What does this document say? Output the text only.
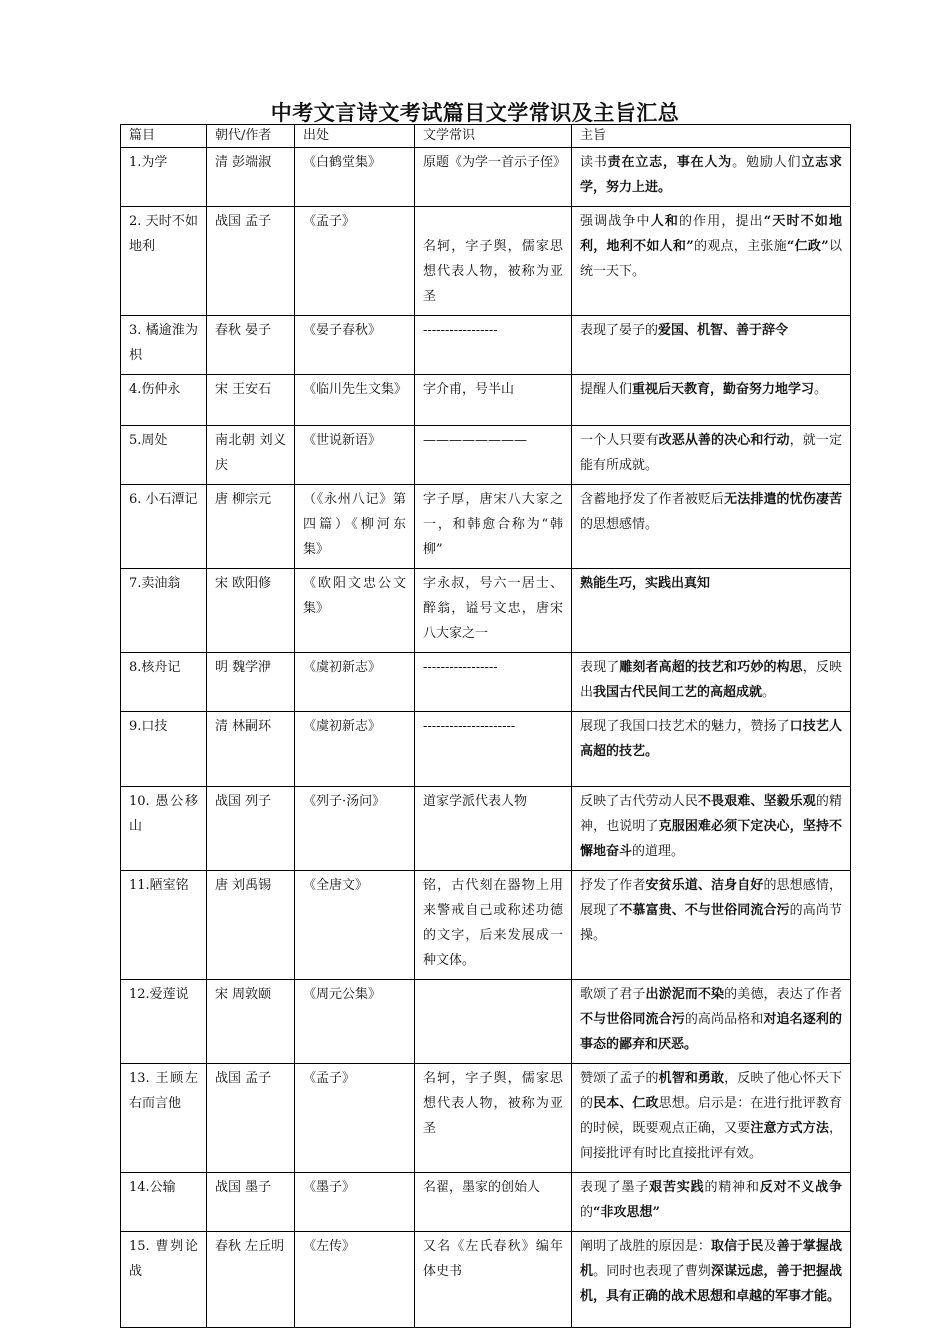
中考文言诗文考试篇目文学常识及主旨汇总
篇目	朝代/作者	出处	文学常识	主旨
1.为学	清 彭端淑	《白鹤堂集》	原题《为学一首示子侄》	读书责在立志，事在人为。勉励人们立志求学，努力上进。
2. 天时不如地利	战国 孟子	《孟子》	名轲，字子舆，儒家思想代表人物，被称为亚圣	强调战争中人和的作用，提出“天时不如地利，地利不如人和”的观点，主张施“仁政”以统一天下。
3. 橘逾淮为枳	春秋 晏子	《晏子春秋》	-----------------	表现了晏子的爱国、机智、善于辞令
4.伤仲永	宋 王安石	《临川先生文集》	字介甫，号半山	提醒人们重视后天教育，勤奋努力地学习。
5.周处	南北朝 刘义庆	《世说新语》	————————	一个人只要有改恶从善的决心和行动，就一定能有所成就。
6. 小石潭记	唐 柳宗元	（《永州八记》第四篇）《柳河东集》	字子厚，唐宋八大家之一，和韩愈合称为“韩柳”	含蓄地抒发了作者被贬后无法排遣的忧伤凄苦的思想感情。
7.卖油翁	宋 欧阳修	《欧阳文忠公文集》	字永叔，号六一居士、醉翁，谥号文忠，唐宋八大家之一	熟能生巧，实践出真知
8.核舟记	明 魏学洢	《虞初新志》	-----------------	表现了雕刻者高超的技艺和巧妙的构思，反映出我国古代民间工艺的高超成就。
9.口技	清 林嗣环	《虞初新志》	---------------------	展现了我国口技艺术的魅力，赞扬了口技艺人高超的技艺。
10. 愚公移山	战国 列子	《列子·汤问》	道家学派代表人物	反映了古代劳动人民不畏艰难、坚毅乐观的精神，也说明了克服困难必须下定决心，坚持不懈地奋斗的道理。
11.陋室铭	唐 刘禹锡	《全唐文》	铭，古代刻在器物上用来警戒自己或称述功德的文字，后来发展成一种文体。	抒发了作者安贫乐道、洁身自好的思想感情，展现了不慕富贵、不与世俗同流合污的高尚节操。
12.爱莲说	宋 周敦颐	《周元公集》		歌颂了君子出淤泥而不染的美德，表达了作者不与世俗同流合污的高尚品格和对追名逐利的事态的鄙弃和厌恶。
13. 王顾左右而言他	战国 孟子	《孟子》	名轲，字子舆，儒家思想代表人物，被称为亚圣	赞颂了孟子的机智和勇敢，反映了他心怀天下的民本、仁政思想。启示是：在进行批评教育的时候，既要观点正确，又要注意方式方法，间接批评有时比直接批评有效。
14.公输	战国 墨子	《墨子》	名翟，墨家的创始人	表现了墨子艰苦实践的精神和反对不义战争的“非攻思想”
15. 曹刿论战	春秋 左丘明	《左传》	又名《左氏春秋》编年体史书	阐明了战胜的原因是：取信于民及善于掌握战机。同时也表现了曹刿深谋远虑，善于把握战机，具有正确的战术思想和卓越的军事才能。
